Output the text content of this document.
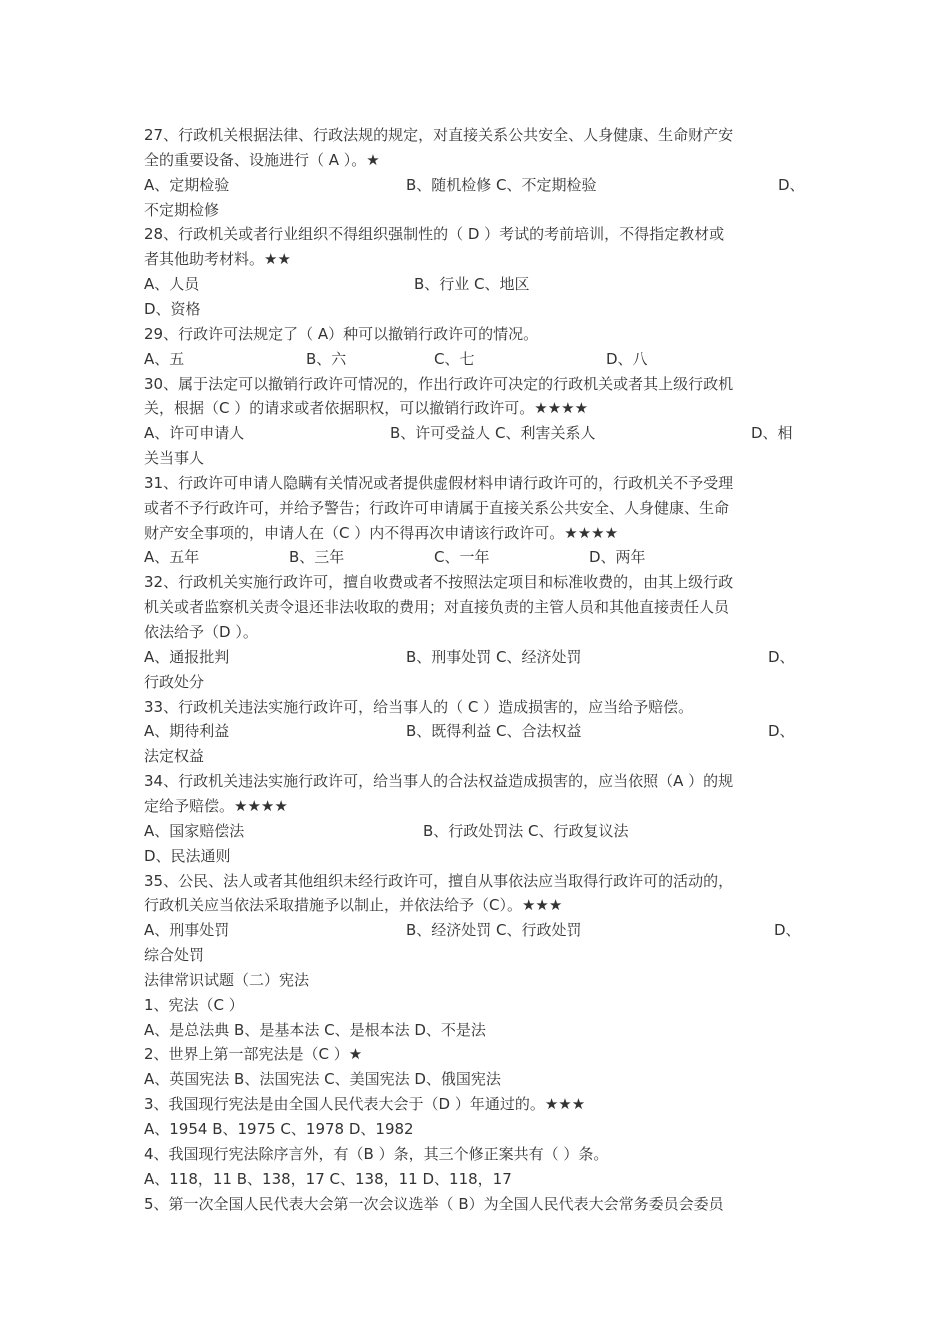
27、行政机关根据法律、行政法规的规定，对直接关系公共安全、人身健康、生命财产安
全的重要设备、设施进行（ A ）。★
A、定期检验	B、随机检修 C、不定期检验	D、
不定期检修
28、行政机关或者行业组织不得组织强制性的（ D ）考试的考前培训，不得指定教材或
者其他助考材料。★★
A、人员	B、行业 C、地区
D、资格
29、行政许可法规定了（ A）种可以撤销行政许可的情况。
A、五	B、六	C、七	D、八
30、属于法定可以撤销行政许可情况的，作出行政许可决定的行政机关或者其上级行政机
关，根据（C ）的请求或者依据职权，可以撤销行政许可。★★★★
A、许可申请人	B、许可受益人 C、利害关系人	D、相
关当事人
31、行政许可申请人隐瞒有关情况或者提供虚假材料申请行政许可的，行政机关不予受理
或者不予行政许可，并给予警告；行政许可申请属于直接关系公共安全、人身健康、生命
财产安全事项的，申请人在（C ）内不得再次申请该行政许可。★★★★
A、五年	B、三年	C、一年	D、两年
32、行政机关实施行政许可，擅自收费或者不按照法定项目和标准收费的，由其上级行政
机关或者监察机关责令退还非法收取的费用；对直接负责的主管人员和其他直接责任人员
依法给予（D ）。
A、通报批判	B、刑事处罚 C、经济处罚	D、
行政处分
33、行政机关违法实施行政许可，给当事人的（ C ）造成损害的，应当给予赔偿。
A、期待利益	B、既得利益 C、合法权益	D、
法定权益
34、行政机关违法实施行政许可，给当事人的合法权益造成损害的，应当依照（A ）的规
定给予赔偿。★★★★
A、国家赔偿法	B、行政处罚法 C、行政复议法
D、民法通则
35、公民、法人或者其他组织未经行政许可，擅自从事依法应当取得行政许可的活动的，
行政机关应当依法采取措施予以制止，并依法给予（C）。★★★
A、刑事处罚	B、经济处罚 C、行政处罚	D、
综合处罚
法律常识试题（二）宪法
1、宪法（C ）
A、是总法典 B、是基本法 C、是根本法 D、不是法
2、世界上第一部宪法是（C ）★
A、英国宪法 B、法国宪法 C、美国宪法 D、俄国宪法
3、我国现行宪法是由全国人民代表大会于（D ）年通过的。★★★
A、1954 B、1975 C、1978 D、1982
4、我国现行宪法除序言外，有（B ）条，其三个修正案共有（ ）条。
A、118，11 B、138，17 C、138，11 D、118，17
5、第一次全国人民代表大会第一次会议选举（ B）为全国人民代表大会常务委员会委员
